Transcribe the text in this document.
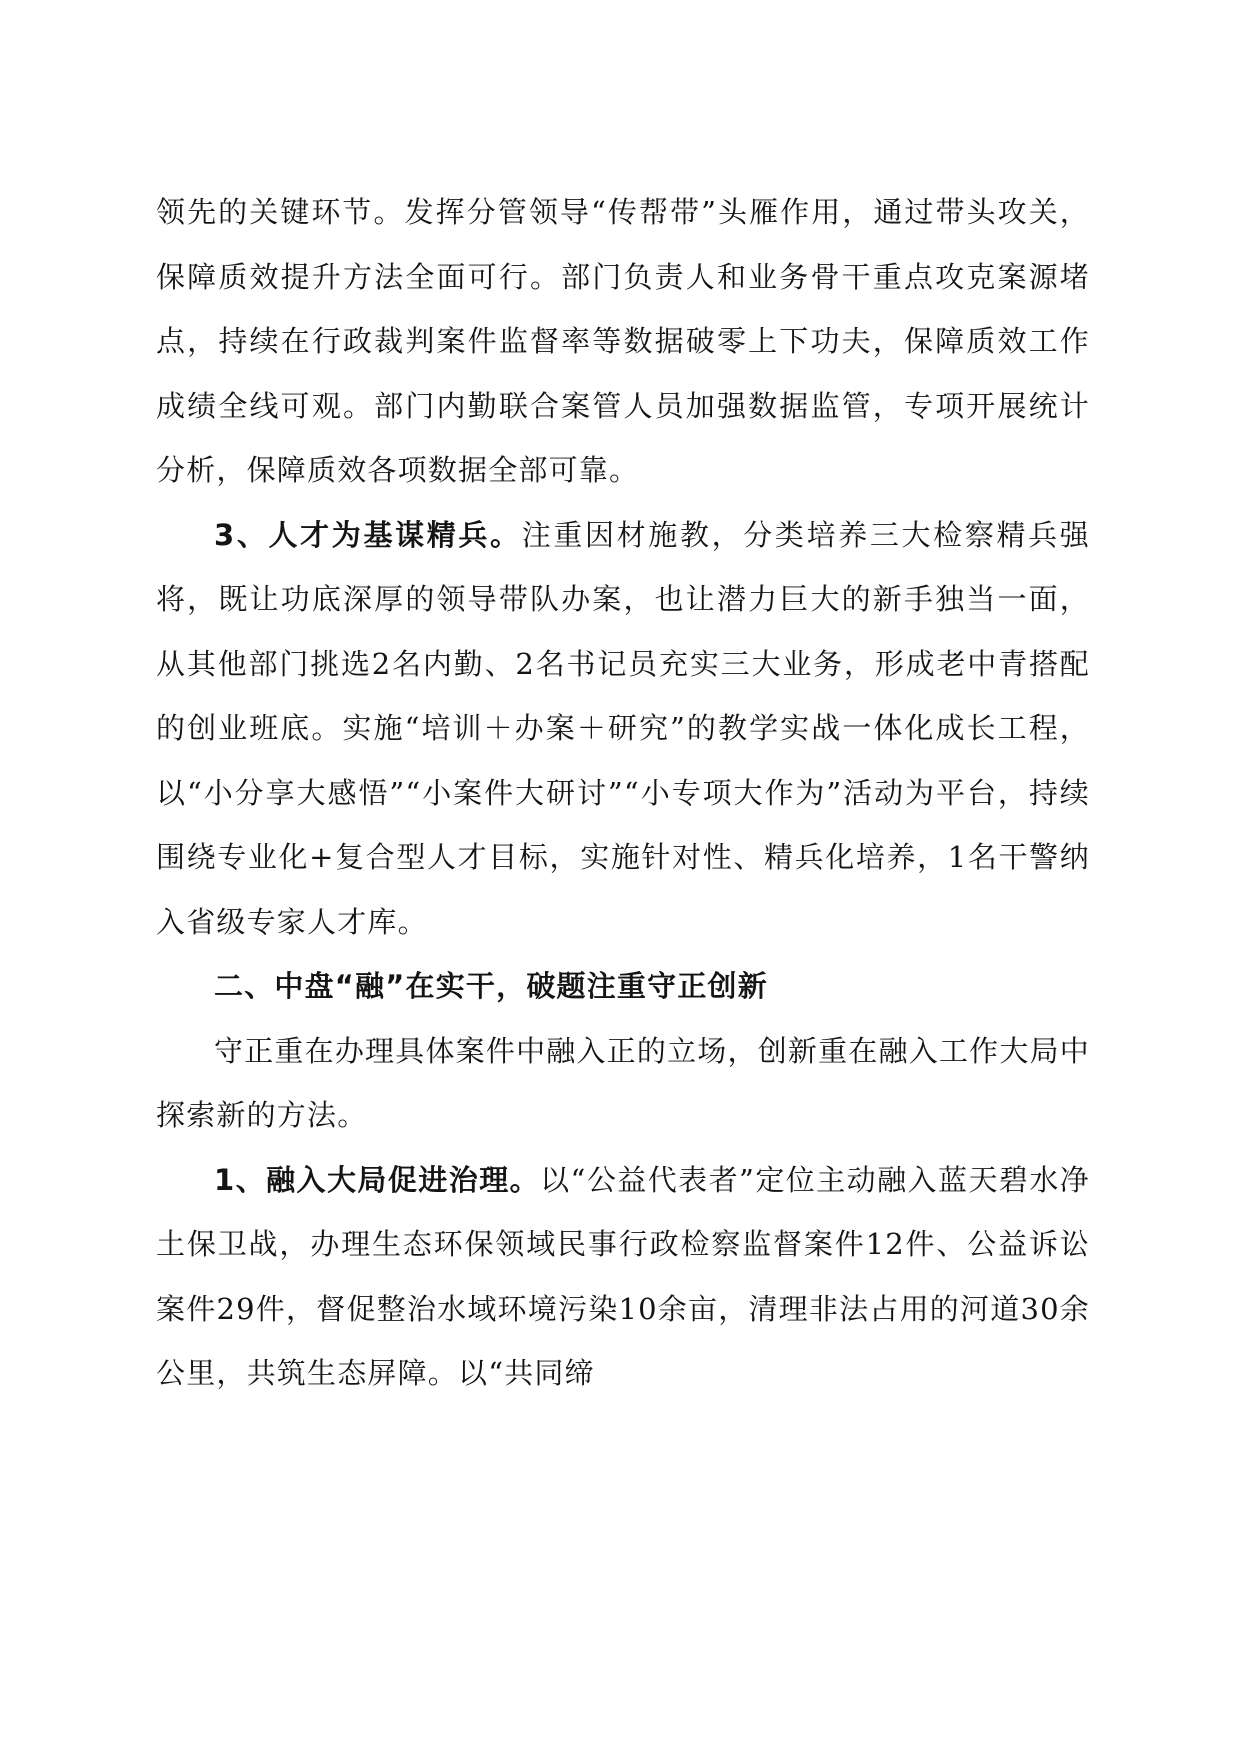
领先的关键环节。发挥分管领导“传帮带”头雁作用，通过带头攻关，保障质效提升方法全面可行。部门负责人和业务骨干重点攻克案源堵点，持续在行政裁判案件监督率等数据破零上下功夫，保障质效工作成绩全线可观。部门内勤联合案管人员加强数据监管，专项开展统计分析，保障质效各项数据全部可靠。

3、人才为基谋精兵。注重因材施教，分类培养三大检察精兵强将，既让功底深厚的领导带队办案，也让潜力巨大的新手独当一面，从其他部门挑选2名内勤、2名书记员充实三大业务，形成老中青搭配的创业班底。实施“培训＋办案＋研究”的教学实战一体化成长工程，以“小分享大感悟”“小案件大研讨”“小专项大作为”活动为平台，持续围绕专业化+复合型人才目标，实施针对性、精兵化培养，1名干警纳入省级专家人才库。

二、中盘“融”在实干，破题注重守正创新

守正重在办理具体案件中融入正的立场，创新重在融入工作大局中探索新的方法。

1、融入大局促进治理。以“公益代表者”定位主动融入蓝天碧水净土保卫战，办理生态环保领域民事行政检察监督案件12件、公益诉讼案件29件，督促整治水域环境污染10余亩，清理非法占用的河道30余公里，共筑生态屏障。以“共同缔
